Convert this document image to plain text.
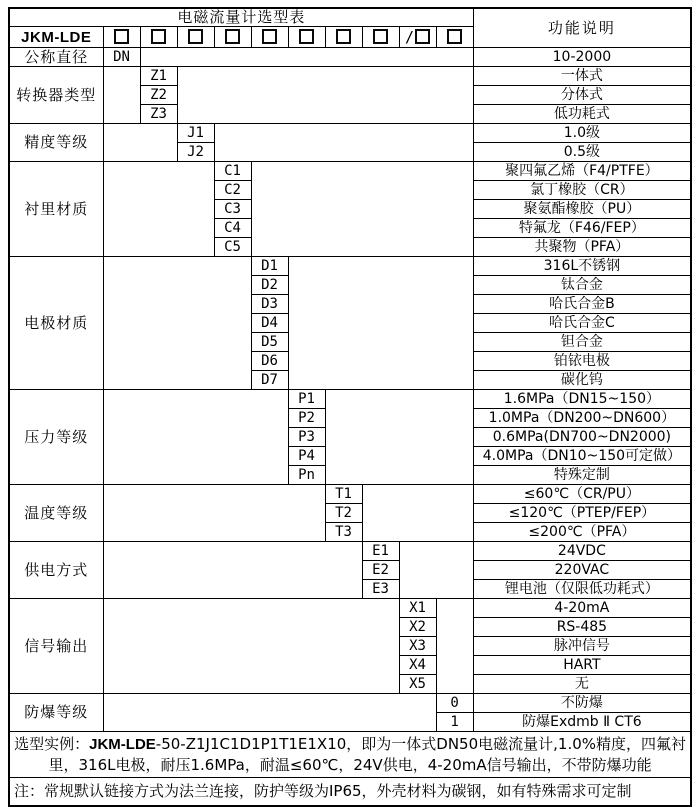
电磁流量计选型表											功能说明
JKM-LDE									/		
公称直径	DN										10-2000
转换器类型		Z1									一体式
		Z2									分体式
		Z3									低功耗式
精度等级			J1								1.0级
			J2								0.5级
衬里材质				C1							聚四氟乙烯（F4/PTFE）
				C2							氯丁橡胶（CR）
				C3							聚氨酯橡胶（PU）
				C4							特氟龙（F46/FEP）
				C5							共聚物（PFA）
电极材质					D1						316L不锈钢
					D2						钛合金
					D3						哈氏合金B
					D4						哈氏合金C
					D5						钽合金
					D6						铂铱电极
					D7						碳化钨
压力等级						P1					1.6MPa（DN15~150）
						P2					1.0MPa（DN200~DN600）
						P3					0.6MPa(DN700~DN2000)
						P4					4.0MPa（DN10~150可定做）
						Pn					特殊定制
温度等级							T1				≤60℃（CR/PU）
							T2				≤120℃（PTEP/FEP）
							T3				≤200℃（PFA）
供电方式								E1			24VDC
								E2			220VAC
								E3			锂电池（仅限低功耗式）
信号输出									X1		4-20mA
									X2		RS-485
									X3		脉冲信号
									X4		HART
									X5		无
防爆等级										0	不防爆
										1	防爆Exdmb Ⅱ CT6
选型实例：JKM-LDE-50-Z1J1C1D1P1T1E1X10，即为一体式DN50电磁流量计,1.0%精度，四氟衬里，316L电极，耐压1.6MPa，耐温≤60℃，24V供电，4-20mA信号输出，不带防爆功能											
注：常规默认链接方式为法兰连接，防护等级为IP65，外壳材料为碳钢，如有特殊需求可定制											
